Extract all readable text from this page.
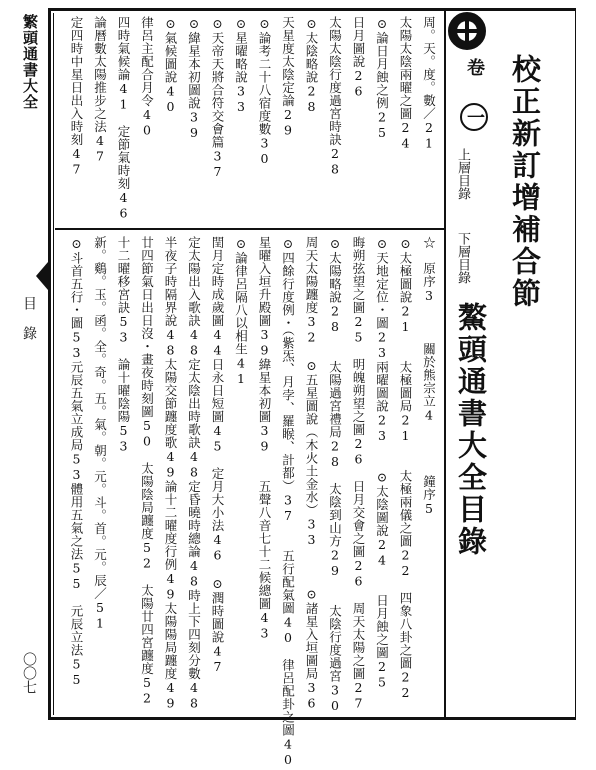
繁頭通書大全
目 錄
〇〇七
校正新訂增補合節
鰲頭通書大全目錄
卷 一
上層目錄
下層目錄
周。天。度。數／21
太陽太陰兩曜之圖24
⊙論日月蝕之例25
日月圖說26
太陽太陰行度過宮時訣28
⊙太陰略說28
天星度太陰定論29
⊙論考二十八宿度數30
⊙星曜略說33
⊙天帝天將合符交會篇37
⊙緯星本初圖說39
⊙氣候圖說40
律呂主配合月令40
四時氣候論41　定節氣時刻46
論曆數太陽推步之法47
定四時中星日出入時刻47
☆　原序3　　　關於熊宗立4　　　　鐘序5
⊙太極圖說21　　太極圖局21　　太極兩儀之圖22　四象八卦之圖22
⊙天地定位・圖23兩曜圖說23　　⊙太陰圖說24　　日月蝕之圖25
晦朔弦望之圖25　明魄朔望之圖26　日月交會之圖26　周天太陽之圖27
⊙太陽略說28　　太陽過宮禮局28　太陰到山方29　　太陰行度過宮30
周天太陽躔度32　⊙五星圖說（木火土金水）33　　　⊙諸星入垣圖局36
⊙四餘行度例・（紫炁、月孛、羅睺、計都）37　　五行配氣圖40　律呂配卦之圖40
星曜入垣升殿圖39緯星本初圖39　　五聲八音七十二候總圖43
⊙論律呂隔八以相生41
閏月定時成歲圖44日永日短圖45　定月大小法46　⊙潤時圖說47
定太陽出入歌訣48定太陰出時歌訣48定昏曉時總論48時上下四刻分數48
半夜子時隔界說48太陽交節躔度歌49論十二曜度行例49太陽陽局躔度49
廿四節氣日出日沒・畫夜時刻圖50　太陽陰局躔度52　太陽廿四宮躔度52
十二曜移宮訣53　論十曜陰陽53
新。鷄。玉。函。全。奇。五。氣。朝。元。斗。首。元。辰／51
⊙斗首五行・圖53元辰五氣立成局53體用五氣之法55　元辰立法55
